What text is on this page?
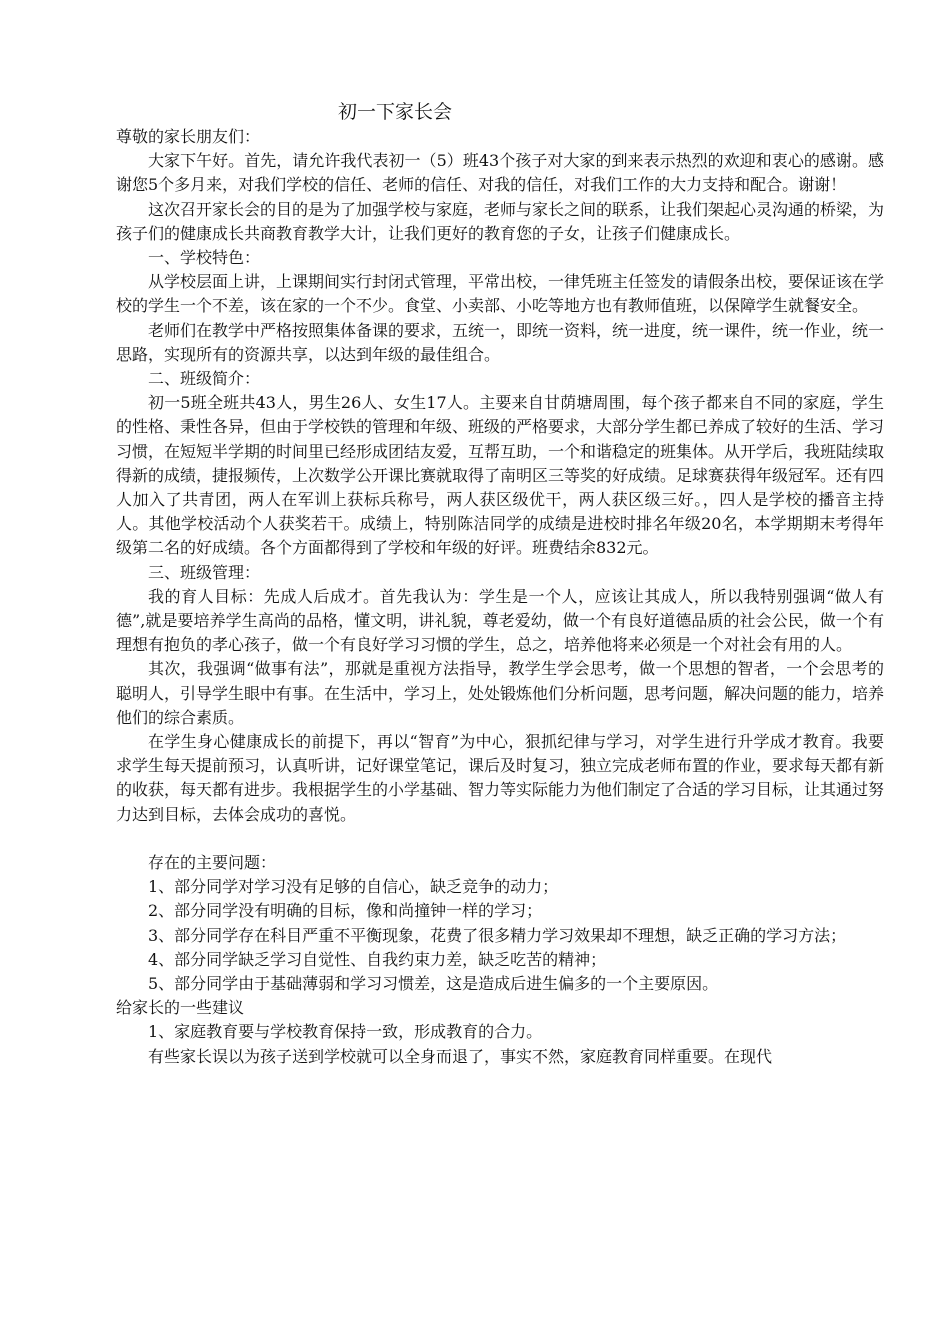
初一下家长会

尊敬的家长朋友们：

大家下午好。首先，请允许我代表初一（5）班43个孩子对大家的到来表示热烈的欢迎和衷心的感谢。感谢您5个多月来，对我们学校的信任、老师的信任、对我的信任，对我们工作的大力支持和配合。谢谢！

这次召开家长会的目的是为了加强学校与家庭，老师与家长之间的联系，让我们架起心灵沟通的桥梁，为孩子们的健康成长共商教育教学大计，让我们更好的教育您的子女，让孩子们健康成长。

一、学校特色：

从学校层面上讲，上课期间实行封闭式管理，平常出校，一律凭班主任签发的请假条出校，要保证该在学校的学生一个不差，该在家的一个不少。食堂、小卖部、小吃等地方也有教师值班，以保障学生就餐安全。

老师们在教学中严格按照集体备课的要求，五统一，即统一资料，统一进度，统一课件，统一作业，统一思路，实现所有的资源共享，以达到年级的最佳组合。

二、班级简介：

初一5班全班共43人，男生26人、女生17人。主要来自甘荫塘周围，每个孩子都来自不同的家庭，学生的性格、秉性各异，但由于学校铁的管理和年级、班级的严格要求，大部分学生都已养成了较好的生活、学习习惯，在短短半学期的时间里已经形成团结友爱，互帮互助，一个和谐稳定的班集体。从开学后，我班陆续取得新的成绩，捷报频传，上次数学公开课比赛就取得了南明区三等奖的好成绩。足球赛获得年级冠军。还有四人加入了共青团，两人在军训上获标兵称号，两人获区级优干，两人获区级三好。，四人是学校的播音主持人。其他学校活动个人获奖若干。成绩上，特别陈洁同学的成绩是进校时排名年级20名，本学期期末考得年级第二名的好成绩。各个方面都得到了学校和年级的好评。班费结余832元。

三、班级管理：

我的育人目标：先成人后成才。首先我认为：学生是一个人，应该让其成人，所以我特别强调“做人有德”,就是要培养学生高尚的品格，懂文明，讲礼貌，尊老爱幼，做一个有良好道德品质的社会公民，做一个有理想有抱负的孝心孩子，做一个有良好学习习惯的学生，总之，培养他将来必须是一个对社会有用的人。

其次，我强调“做事有法”，那就是重视方法指导，教学生学会思考，做一个思想的智者，一个会思考的聪明人，引导学生眼中有事。在生活中，学习上，处处锻炼他们分析问题，思考问题，解决问题的能力，培养他们的综合素质。

在学生身心健康成长的前提下，再以“智育”为中心，狠抓纪律与学习，对学生进行升学成才教育。我要求学生每天提前预习，认真听讲，记好课堂笔记，课后及时复习，独立完成老师布置的作业，要求每天都有新的收获，每天都有进步。我根据学生的小学基础、智力等实际能力为他们制定了合适的学习目标，让其通过努力达到目标，去体会成功的喜悦。

存在的主要问题：

1、部分同学对学习没有足够的自信心，缺乏竞争的动力；

2、部分同学没有明确的目标，像和尚撞钟一样的学习；

3、部分同学存在科目严重不平衡现象，花费了很多精力学习效果却不理想，缺乏正确的学习方法；

4、部分同学缺乏学习自觉性、自我约束力差，缺乏吃苦的精神；

5、部分同学由于基础薄弱和学习习惯差，这是造成后进生偏多的一个主要原因。

给家长的一些建议

1、家庭教育要与学校教育保持一致，形成教育的合力。

有些家长误以为孩子送到学校就可以全身而退了，事实不然，家庭教育同样重要。在现代
